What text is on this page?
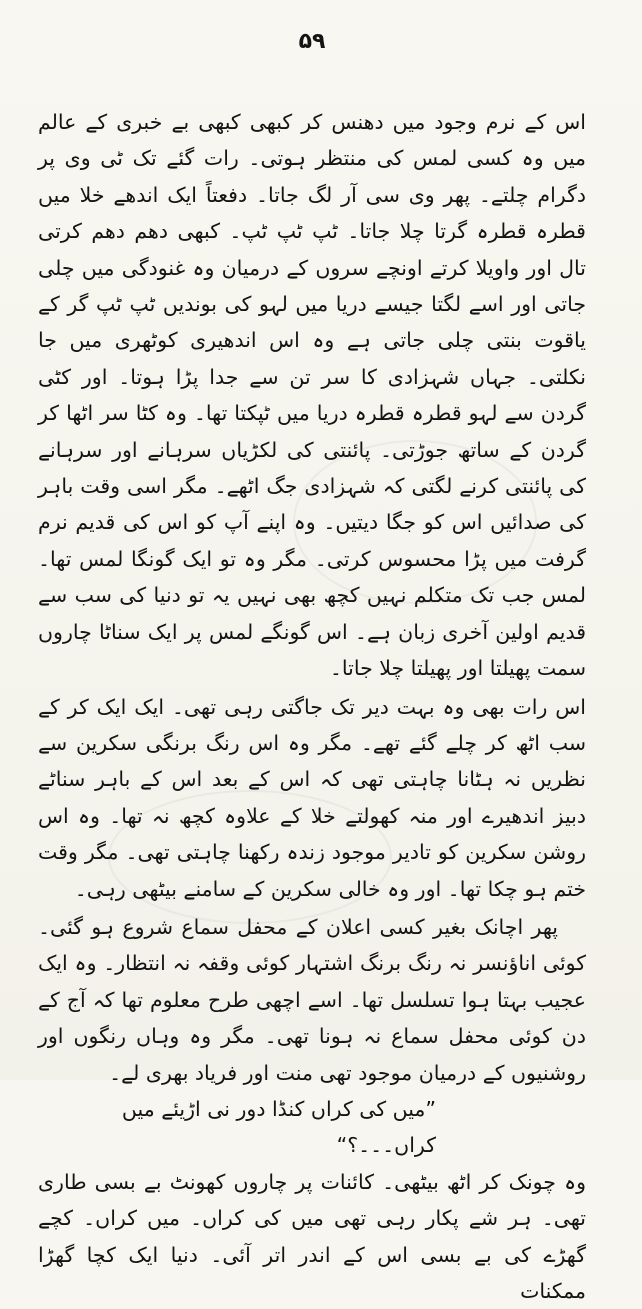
۵۹

اس کے نرم وجود میں دھنس کر کبھی کبھی بے خبری کے عالم میں وہ کسی لمس کی منتظر ہوتی۔ رات گئے تک ٹی وی پر دگرام چلتے۔ پھر وی سی آر لگ جاتا۔ دفعتاً ایک اندھے خلا میں قطرہ قطرہ گرتا چلا جاتا۔ ٹپ ٹپ ٹپ۔ کبھی دھم دھم کرتی تال اور واویلا کرتے اونچے سروں کے درمیان وہ غنودگی میں چلی جاتی اور اسے لگتا جیسے دریا میں لہو کی بوندیں ٹپ ٹپ گر کے یاقوت بنتی چلی جاتی ہے وہ اس اندھیری کوٹھری میں جا نکلتی۔ جہاں شہزادی کا سر تن سے جدا پڑا ہوتا۔ اور کٹی گردن سے لہو قطرہ قطرہ دریا میں ٹپکتا تھا۔ وہ کٹا سر اٹھا کر گردن کے ساتھ جوڑتی۔ پائنتی کی لکڑیاں سرہانے اور سرہانے کی پائنتی کرنے لگتی کہ شہزادی جگ اٹھے۔ مگر اسی وقت باہر کی صدائیں اس کو جگا دیتیں۔ وہ اپنے آپ کو اس کی قدیم نرم گرفت میں پڑا محسوس کرتی۔ مگر وہ تو ایک گونگا لمس تھا۔ لمس جب تک متکلم نہیں کچھ بھی نہیں یہ تو دنیا کی سب سے قدیم اولین آخری زبان ہے۔ اس گونگے لمس پر ایک سناٹا چاروں سمت پھیلتا اور پھیلتا چلا جاتا۔

اس رات بھی وہ بہت دیر تک جاگتی رہی تھی۔ ایک ایک کر کے سب اٹھ کر چلے گئے تھے۔ مگر وہ اس رنگ برنگی سکرین سے نظریں نہ ہٹانا چاہتی تھی کہ اس کے بعد اس کے باہر سناٹے دبیز اندھیرے اور منہ کھولتے خلا کے علاوہ کچھ نہ تھا۔ وہ اس روشن سکرین کو تادیر موجود زندہ رکھنا چاہتی تھی۔ مگر وقت ختم ہو چکا تھا۔ اور وہ خالی سکرین کے سامنے بیٹھی رہی۔

پھر اچانک بغیر کسی اعلان کے محفل سماع شروع ہو گئی۔ کوئی اناؤنسر نہ رنگ برنگ اشتہار کوئی وقفہ نہ انتظار۔ وہ ایک عجیب بہتا ہوا تسلسل تھا۔ اسے اچھی طرح معلوم تھا کہ آج کے دن کوئی محفل سماع نہ ہونا تھی۔ مگر وہ وہاں رنگوں اور روشنیوں کے درمیان موجود تھی منت اور فریاد بھری لے۔

”میں کی کراں کنڈا دور نی اڑیئے میں کراں۔۔۔؟“

وہ چونک کر اٹھ بیٹھی۔ کائنات پر چاروں کھونٹ بے بسی طاری تھی۔ ہر شے پکار رہی تھی میں کی کراں۔ میں کراں۔ کچے گھڑے کی بے بسی اس کے اندر اتر آئی۔ دنیا ایک کچا گھڑا ممکنات
